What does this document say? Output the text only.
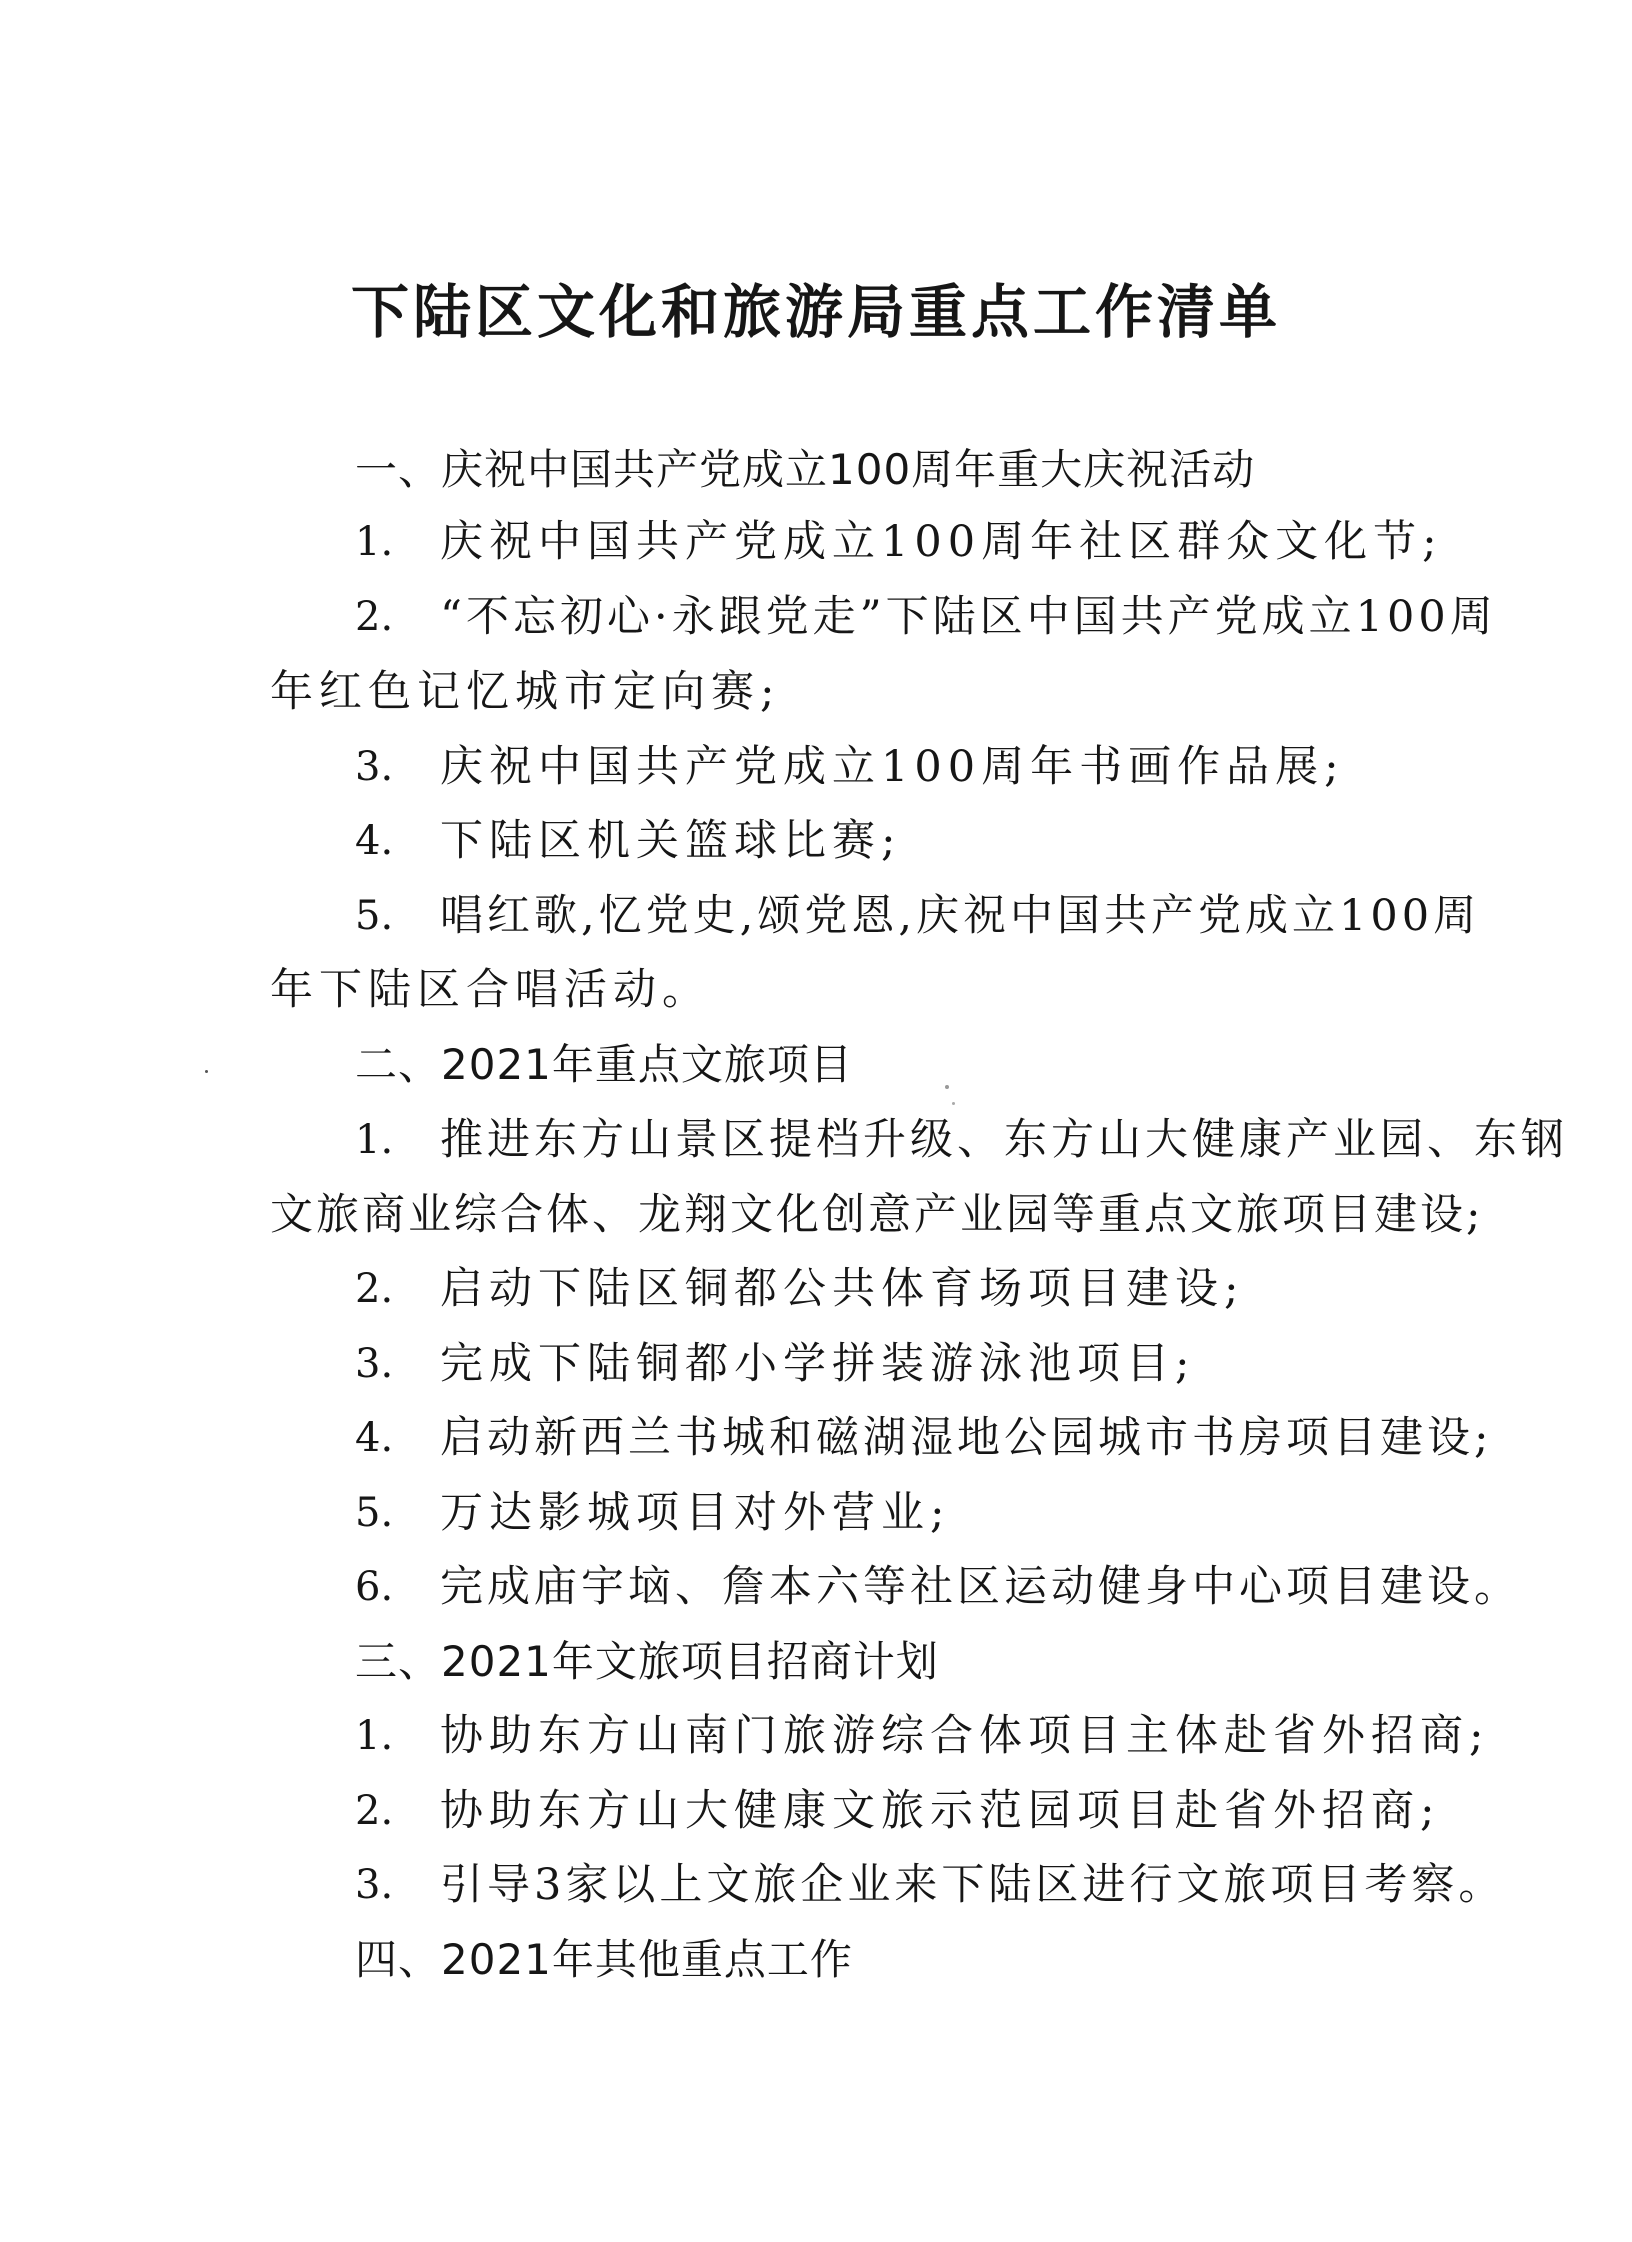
下陆区文化和旅游局重点工作清单
一、庆祝中国共产党成立100周年重大庆祝活动
1. 庆祝中国共产党成立100周年社区群众文化节;
2. “不忘初心·永跟党走”下陆区中国共产党成立100周
年红色记忆城市定向赛;
3. 庆祝中国共产党成立100周年书画作品展;
4. 下陆区机关篮球比赛;
5. 唱红歌,忆党史,颂党恩,庆祝中国共产党成立100周
年下陆区合唱活动。
二、2021年重点文旅项目
1. 推进东方山景区提档升级、东方山大健康产业园、东钢
文旅商业综合体、龙翔文化创意产业园等重点文旅项目建设;
2. 启动下陆区铜都公共体育场项目建设;
3. 完成下陆铜都小学拼装游泳池项目;
4. 启动新西兰书城和磁湖湿地公园城市书房项目建设;
5. 万达影城项目对外营业;
6. 完成庙宇垴、詹本六等社区运动健身中心项目建设。
三、2021年文旅项目招商计划
1. 协助东方山南门旅游综合体项目主体赴省外招商;
2. 协助东方山大健康文旅示范园项目赴省外招商;
3. 引导3家以上文旅企业来下陆区进行文旅项目考察。
四、2021年其他重点工作
